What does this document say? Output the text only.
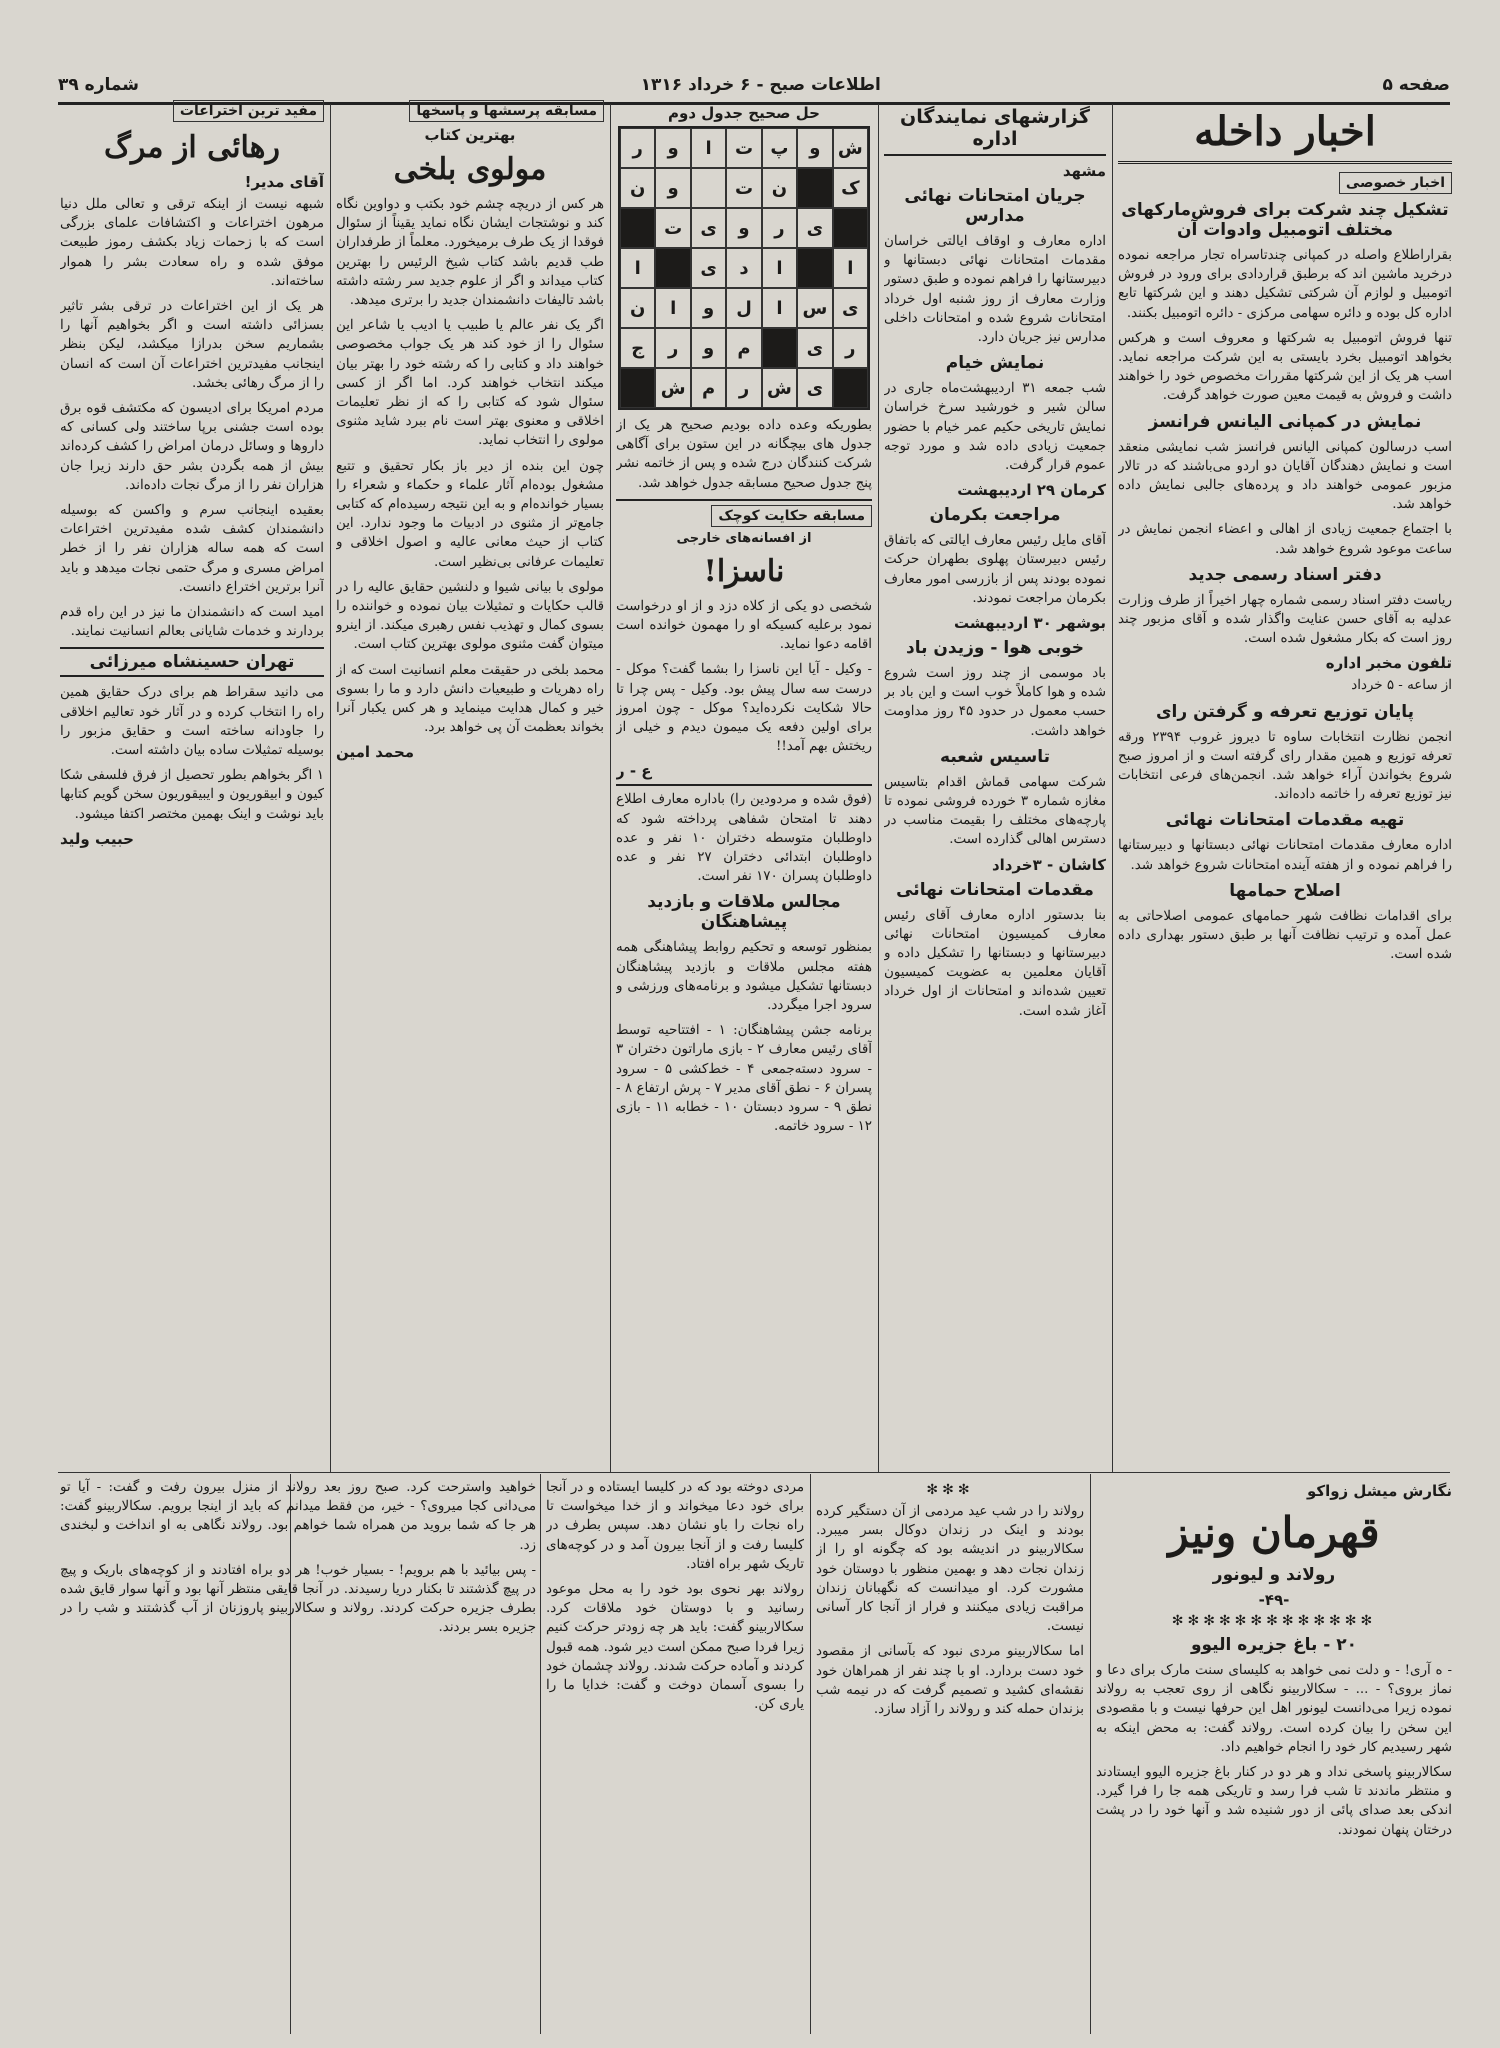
صفحه ۵
اطلاعات صبح - ۶ خرداد ۱۳۱۶
شماره ۳۹
اخبار داخله
اخبار خصوصی
تشکیل چند شرکت برای فروش‌مارکهای مختلف اتومبیل وادوات آن

بقراراطلاع واصله در کمپانی چندتاسراه تجار مراجعه نموده درخرید ماشین اند که برطبق قراردادی برای ورود در فروش اتومبیل و لوازم آن شرکتی تشکیل دهند و این شرکتها تابع اداره کل بوده و دائره سهامی مرکزی - دائره اتومبیل بکنند.

تنها فروش اتومبیل به شرکتها و معروف است و هرکس بخواهد اتومبیل بخرد بایستی به این شرکت مراجعه نماید. اسب هر یک از این شرکتها مقررات مخصوص خود را خواهند داشت و فروش به قیمت معین صورت خواهد گرفت.

نمایش در کمپانی الیانس فرانسز

اسب درسالون کمپانی الیانس فرانسز شب نمایشی منعقد است و نمایش دهندگان آقایان دو اردو می‌باشند که در تالار مزبور عمومی خواهند داد و پرده‌های جالبی نمایش داده خواهد شد.

با اجتماع جمعیت زیادی از اهالی و اعضاء انجمن نمایش در ساعت موعود شروع خواهد شد.

دفتر اسناد رسمی جدید

ریاست دفتر اسناد رسمی شماره چهار اخیراً از طرف وزارت عدلیه به آقای حسن عنایت واگذار شده و آقای مزبور چند روز است که بکار مشغول شده است.

تلفون مخبر اداره

از ساعه - ۵ خرداد

پایان توزیع تعرفه و گرفتن رای

انجمن نظارت انتخابات ساوه تا دیروز غروب ۲۳۹۴ ورقه تعرفه توزیع و همین مقدار رای گرفته است و از امروز صبح شروع بخواندن آراء خواهد شد. انجمن‌های فرعی انتخابات نیز توزیع تعرفه را خاتمه داده‌اند.

تهیه مقدمات امتحانات نهائی

اداره معارف مقدمات امتحانات نهائی دبستانها و دبیرستانها را فراهم نموده و از هفته آینده امتحانات شروع خواهد شد.

اصلاح حمامها

برای اقدامات نظافت شهر حمامهای عمومی اصلاحاتی به عمل آمده و ترتیب نظافت آنها بر طبق دستور بهداری داده شده است.

گزارشهای نمایندگان اداره
مشهد
جریان امتحانات نهائی مدارس

اداره معارف و اوقاف ایالتی خراسان مقدمات امتحانات نهائی دبستانها و دبیرستانها را فراهم نموده و طبق دستور وزارت معارف از روز شنبه اول خرداد امتحانات شروع شده و امتحانات داخلی مدارس نیز جریان دارد.

نمایش خیام

شب جمعه ۳۱ اردیبهشت‌ماه جاری در سالن شیر و خورشید سرخ خراسان نمایش تاریخی حکیم عمر خیام با حضور جمعیت زیادی داده شد و مورد توجه عموم قرار گرفت.

کرمان ۲۹ اردیبهشت
مراجعت بکرمان

آقای مایل رئیس معارف ایالتی که باتفاق رئیس دبیرستان پهلوی بطهران حرکت نموده بودند پس از بازرسی امور معارف بکرمان مراجعت نمودند.

بوشهر ۳۰ اردیبهشت
خوبی هوا - وزیدن باد

باد موسمی از چند روز است شروع شده و هوا کاملاً خوب است و این باد بر حسب معمول در حدود ۴۵ روز مداومت خواهد داشت.

تاسیس شعبه

شرکت سهامی قماش اقدام بتاسیس مغازه شماره ۳ خورده فروشی نموده تا پارچه‌های مختلف را بقیمت مناسب در دسترس اهالی گذارده است.

کاشان - ۳خرداد
مقدمات امتحانات نهائی

بنا بدستور اداره معارف آقای رئیس معارف کمیسیون امتحانات نهائی دبیرستانها و دبستانها را تشکیل داده و آقایان معلمین به عضویت کمیسیون تعیین شده‌اند و امتحانات از اول خرداد آغاز شده است.

حل صحیح جدول دوم
ش
و
پ
ت
ا
و
ر
ک
ن
ت
و
ن
ی
ر
و
ی
ت
ا
ا
د
ی
ا
ی
س
ا
ل
و
ا
ن
ر
ی
م
و
ر
ج
ی
ش
ر
م
ش

بطوریکه وعده داده بودیم صحیح هر یک از جدول های بیچگانه در این ستون برای آگاهی شرکت کنندگان درج شده و پس از خاتمه نشر پنج جدول صحیح مسابقه جدول خواهد شد.

مسابقه حکایت کوچک
از افسانه‌های خارجی
ناسزا!

شخصی دو یکی از کلاه دزد و از او درخواست نمود برعلیه کسیکه او را مهمون خوانده است اقامه دعوا نماید.

- وکیل - آیا این ناسزا را بشما گفت؟ موکل - درست سه سال پیش بود. وکیل - پس چرا تا حالا شکایت نکرده‌اید؟ موکل - چون امروز برای اولین دفعه یک میمون دیدم و خیلی از ریختش بهم آمد!!

ع - ر

(فوق شده و مردودین را) باداره معارف اطلاع دهند تا امتحان شفاهی پرداخته شود که داوطلبان متوسطه دختران ۱۰ نفر و عده داوطلبان ابتدائی دختران ۲۷ نفر و عده داوطلبان پسران ۱۷۰ نفر است.

مجالس ملاقات و بازدید پیشاهنگان

بمنظور توسعه و تحکیم روابط پیشاهنگی همه هفته مجلس ملاقات و بازدید پیشاهنگان دبستانها تشکیل میشود و برنامه‌های ورزشی و سرود اجرا میگردد.

برنامه جشن پیشاهنگان: ۱ - افتتاحیه توسط آقای رئیس معارف ۲ - بازی ماراتون دختران ۳ - سرود دسته‌جمعی ۴ - خط‌کشی ۵ - سرود پسران ۶ - نطق آقای مدیر ۷ - پرش ارتفاع ۸ - نطق ۹ - سرود دبستان ۱۰ - خطابه ۱۱ - بازی ۱۲ - سرود خاتمه.

مسابقه پرسشها و پاسخها
بهترین کتاب
مولوی بلخی

هر کس از دریچه چشم خود بکتب و دواوین نگاه کند و نوشتجات ایشان نگاه نماید یقیناً از سئوال فوقدا از یک طرف برمیخورد. معلماً از طرفداران طب قدیم باشد کتاب شیخ الرئیس را بهترین کتاب میداند و اگر از علوم جدید سر رشته داشته باشد تالیفات دانشمندان جدید را برتری میدهد.

اگر یک نفر عالم یا طبیب یا ادیب یا شاعر این سئوال را از خود کند هر یک جواب مخصوصی خواهند داد و کتابی را که رشته خود را بهتر بیان میکند انتخاب خواهند کرد. اما اگر از کسی سئوال شود که کتابی را که از نظر تعلیمات اخلاقی و معنوی بهتر است نام ببرد شاید مثنوی مولوی را انتخاب نماید.

چون این بنده از دیر باز بکار تحقیق و تتبع مشغول بوده‌ام آثار علماء و حکماء و شعراء را بسیار خوانده‌ام و به این نتیجه رسیده‌ام که کتابی جامع‌تر از مثنوی در ادبیات ما وجود ندارد. این کتاب از حیث معانی عالیه و اصول اخلاقی و تعلیمات عرفانی بی‌نظیر است.

مولوی با بیانی شیوا و دلنشین حقایق عالیه را در قالب حکایات و تمثیلات بیان نموده و خواننده را بسوی کمال و تهذیب نفس رهبری میکند. از اینرو میتوان گفت مثنوی مولوی بهترین کتاب است.

محمد بلخی در حقیقت معلم انسانیت است که از راه دهریات و طبیعیات دانش دارد و ما را بسوی خیر و کمال هدایت مینماید و هر کس یکبار آنرا بخواند بعظمت آن پی خواهد برد.

محمد امین
مفید ترین اختراعات
رهائی از مرگ
آقای مدیر!

شبهه نیست از اینکه ترقی و تعالی ملل دنیا مرهون اختراعات و اکتشافات علمای بزرگی است که با زحمات زیاد بکشف رموز طبیعت موفق شده و راه سعادت بشر را هموار ساخته‌اند.

هر یک از این اختراعات در ترقی بشر تاثیر بسزائی داشته است و اگر بخواهیم آنها را بشماریم سخن بدرازا میکشد، لیکن بنظر اینجانب مفیدترین اختراعات آن است که انسان را از مرگ رهائی بخشد.

مردم امریکا برای ادیسون که مکتشف قوه برق بوده است جشنی برپا ساختند ولی کسانی که داروها و وسائل درمان امراض را کشف کرده‌اند بیش از همه بگردن بشر حق دارند زیرا جان هزاران نفر را از مرگ نجات داده‌اند.

بعقیده اینجانب سرم و واکسن که بوسیله دانشمندان کشف شده مفیدترین اختراعات است که همه ساله هزاران نفر را از خطر امراض مسری و مرگ حتمی نجات میدهد و باید آنرا برترین اختراع دانست.

امید است که دانشمندان ما نیز در این راه قدم بردارند و خدمات شایانی بعالم انسانیت نمایند.

تهران حسینشاه میرزائی

می دانید سقراط هم برای درک حقایق همین راه را انتخاب کرده و در آثار خود تعالیم اخلاقی را جاودانه ساخته است و حقایق مزبور را بوسیله تمثیلات ساده بیان داشته است.

۱ اگر بخواهم بطور تحصیل از فرق فلسفی شکا کیون و ابیقوریون و ایبیقوریون سخن گویم کتابها باید نوشت و اینک بهمین مختصر اکتفا میشود.

حبیب ولید
نگارش میشل زواکو
قهرمان ونیز
رولاند و لیونور
-۴۹-
✻✻✻✻✻✻✻✻✻✻✻✻✻
۲۰ - باغ جزیره الیوو

- ه آری! - و دلت نمی خواهد به کلیسای سنت مارک برای دعا و نماز بروی؟ - ... - سکالاربینو نگاهی از روی تعجب به رولاند نموده زیرا می‌دانست لیونور اهل این حرفها نیست و با مقصودی این سخن را بیان کرده است. رولاند گفت: به محض اینکه به شهر رسیدیم کار خود را انجام خواهیم داد.

سکالاربینو پاسخی نداد و هر دو در کنار باغ جزیره الیوو ایستادند و منتظر ماندند تا شب فرا رسد و تاریکی همه جا را فرا گیرد. اندکی بعد صدای پائی از دور شنیده شد و آنها خود را در پشت درختان پنهان نمودند.

✻✻✻

رولاند را در شب عید مردمی از آن دستگیر کرده بودند و اینک در زندان دوکال بسر میبرد. سکالاربینو در اندیشه بود که چگونه او را از زندان نجات دهد و بهمین منظور با دوستان خود مشورت کرد. او میدانست که نگهبانان زندان مراقبت زیادی میکنند و فرار از آنجا کار آسانی نیست.

اما سکالاربینو مردی نبود که بآسانی از مقصود خود دست بردارد. او با چند نفر از همراهان خود نقشه‌ای کشید و تصمیم گرفت که در نیمه شب بزندان حمله کند و رولاند را آزاد سازد.

مردی دوخته بود که در کلیسا ایستاده و در آنجا برای خود دعا میخواند و از خدا میخواست تا راه نجات را باو نشان دهد. سپس بطرف در کلیسا رفت و از آنجا بیرون آمد و در کوچه‌های تاریک شهر براه افتاد.

رولاند بهر نحوی بود خود را به محل موعود رسانید و با دوستان خود ملاقات کرد. سکالاربینو گفت: باید هر چه زودتر حرکت کنیم زیرا فردا صبح ممکن است دیر شود. همه قبول کردند و آماده حرکت شدند. رولاند چشمان خود را بسوی آسمان دوخت و گفت: خدایا ما را یاری کن.

خواهید واسترحت کرد. صبح روز بعد رولاند از منزل بیرون رفت و گفت: - آیا تو می‌دانی کجا میروی؟ - خیر، من فقط میدانم که باید از اینجا برویم. سکالاربینو گفت: هر جا که شما بروید من همراه شما خواهم بود. رولاند نگاهی به او انداخت و لبخندی زد.

- پس بیائید با هم برویم! - بسیار خوب! هر دو براه افتادند و از کوچه‌های باریک و پیچ در پیچ گذشتند تا بکنار دریا رسیدند. در آنجا قایقی منتظر آنها بود و آنها سوار قایق شده بطرف جزیره حرکت کردند. رولاند و سکالاربینو پاروزنان از آب گذشتند و شب را در جزیره بسر بردند.
